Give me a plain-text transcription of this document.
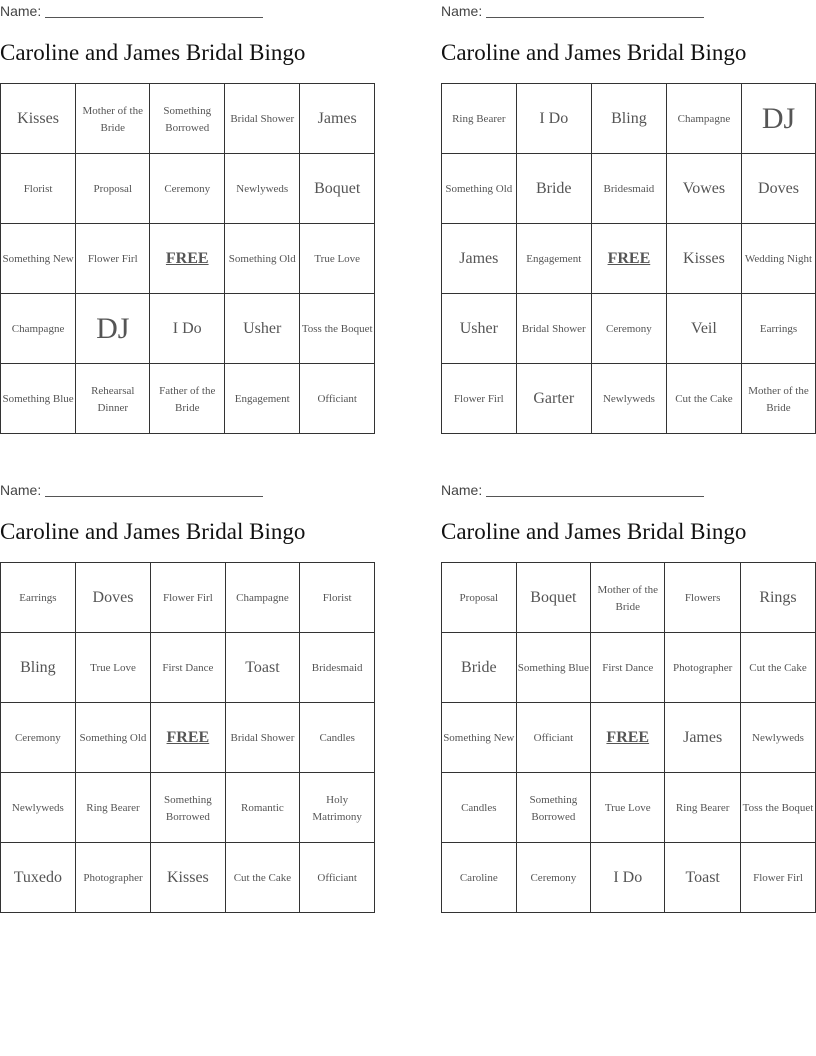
Name:
Caroline and James Bridal Bingo
Kisses	Mother of the Bride	Something Borrowed	Bridal Shower	James
Florist	Proposal	Ceremony	Newlyweds	Boquet
Something New	Flower Firl	FREE	Something Old	True Love
Champagne	DJ	I Do	Usher	Toss the Boquet
Something Blue	Rehearsal Dinner	Father of the Bride	Engagement	Officiant
Name:
Caroline and James Bridal Bingo
Ring Bearer	I Do	Bling	Champagne	DJ
Something Old	Bride	Bridesmaid	Vowes	Doves
James	Engagement	FREE	Kisses	Wedding Night
Usher	Bridal Shower	Ceremony	Veil	Earrings
Flower Firl	Garter	Newlyweds	Cut the Cake	Mother of the Bride
Name:
Caroline and James Bridal Bingo
Earrings	Doves	Flower Firl	Champagne	Florist
Bling	True Love	First Dance	Toast	Bridesmaid
Ceremony	Something Old	FREE	Bridal Shower	Candles
Newlyweds	Ring Bearer	Something Borrowed	Romantic	Holy Matrimony
Tuxedo	Photographer	Kisses	Cut the Cake	Officiant
Name:
Caroline and James Bridal Bingo
Proposal	Boquet	Mother of the Bride	Flowers	Rings
Bride	Something Blue	First Dance	Photographer	Cut the Cake
Something New	Officiant	FREE	James	Newlyweds
Candles	Something Borrowed	True Love	Ring Bearer	Toss the Boquet
Caroline	Ceremony	I Do	Toast	Flower Firl
